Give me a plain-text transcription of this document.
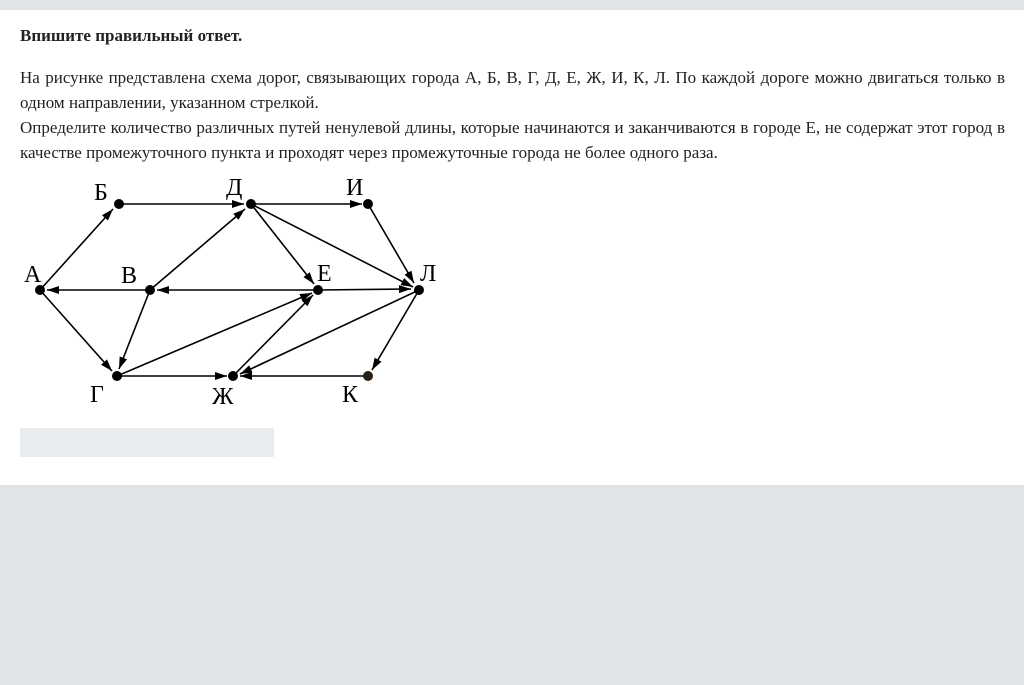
Впишите правильный ответ.

На рисунке представлена схема дорог, связывающих города А, Б, В, Г, Д, Е, Ж, И, К, Л. По каждой дороге можно двигаться только в одном направлении, указанном стрелкой.

Определите количество различных путей ненулевой длины, которые начинаются и заканчиваются в городе Е, не содержат этот город в качестве промежуточного пункта и проходят через промежуточные города не более одного раза.

А
Б
В
Г
Д
Е
Ж
И
К
Л
